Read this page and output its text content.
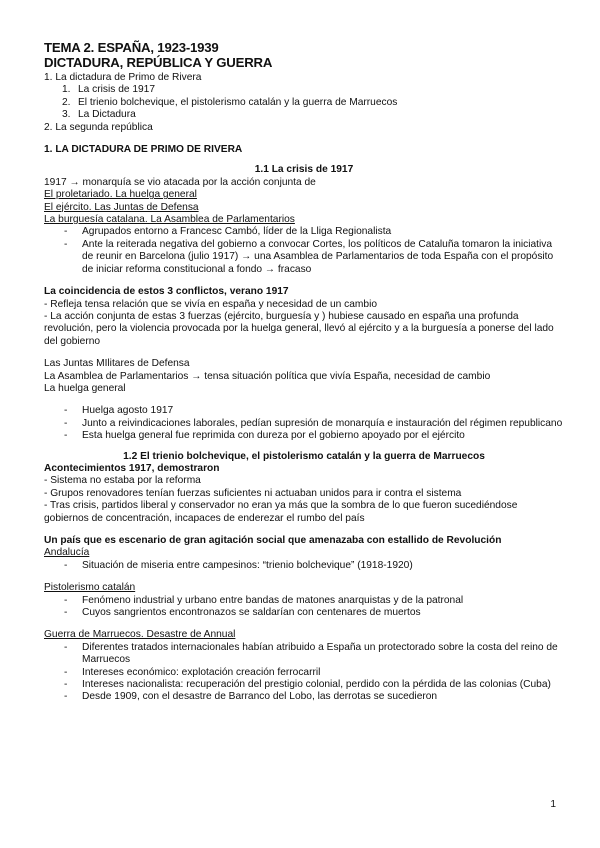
TEMA 2. ESPAÑA, 1923-1939
DICTADURA, REPÚBLICA Y GUERRA
1. La dictadura de Primo de Rivera
1. La crisis de 1917
2. El trienio bolchevique, el pistolerismo catalán y la guerra de Marruecos
3. La Dictadura
2. La segunda república
1. LA DICTADURA DE PRIMO DE RIVERA
1.1 La crisis de 1917
1917 → monarquía se vio atacada por la acción conjunta de
El proletariado. La huelga general
El ejército. Las Juntas de Defensa
La burguesía catalana. La Asamblea de Parlamentarios
- Agrupados entorno a Francesc Cambó, líder de la Lliga Regionalista
- Ante la reiterada negativa del gobierno a convocar Cortes, los políticos de Cataluña tomaron la iniciativa de reunir en Barcelona (julio 1917) → una Asamblea de Parlamentarios de toda España con el propósito de iniciar reforma constitucional a fondo → fracaso
La coincidencia de estos 3 conflictos, verano 1917
- Refleja tensa relación que se vivía en españa y necesidad de un cambio
- La acción conjunta de estas 3 fuerzas (ejército, burguesía y ) hubiese causado en españa una profunda revolución, pero la violencia provocada por la huelga general, llevó al ejército y a la burguesía a ponerse del lado del gobierno
Las Juntas MIlitares de Defensa
La Asamblea de Parlamentarios → tensa situación política que vivía España, necesidad de cambio
La huelga general
- Huelga agosto 1917
- Junto a reivindicaciones laborales, pedían supresión de monarquía e instauración del régimen republicano
- Esta huelga general fue reprimida con dureza por el gobierno apoyado por el ejército
1.2 El trienio bolchevique, el pistolerismo catalán y la guerra de Marruecos
Acontecimientos 1917, demostraron
- Sistema no estaba por la reforma
- Grupos renovadores tenían fuerzas suficientes ni actuaban unidos para ir contra el sistema
- Tras crisis, partidos liberal y conservador no eran ya más que la sombra de lo que fueron sucediéndose gobiernos de concentración, incapaces de enderezar el rumbo del país
Un país que es escenario de gran agitación social que amenazaba con estallido de Revolución
Andalucía
- Situación de miseria entre campesinos: “trienio bolchevique” (1918-1920)
Pistolerismo catalán
- Fenómeno industrial y urbano entre bandas de matones anarquistas y de la patronal
- Cuyos sangrientos encontronazos se saldarían con centenares de muertos
Guerra de Marruecos. Desastre de Annual
- Diferentes tratados internacionales habían atribuido a España un protectorado sobre la costa del reino de Marruecos
- Intereses económico: explotación creación ferrocarril
- Intereses nacionalista: recuperación del prestigio colonial, perdido con la pérdida de las colonias (Cuba)
- Desde 1909, con el desastre de Barranco del Lobo, las derrotas se sucedieron
1
